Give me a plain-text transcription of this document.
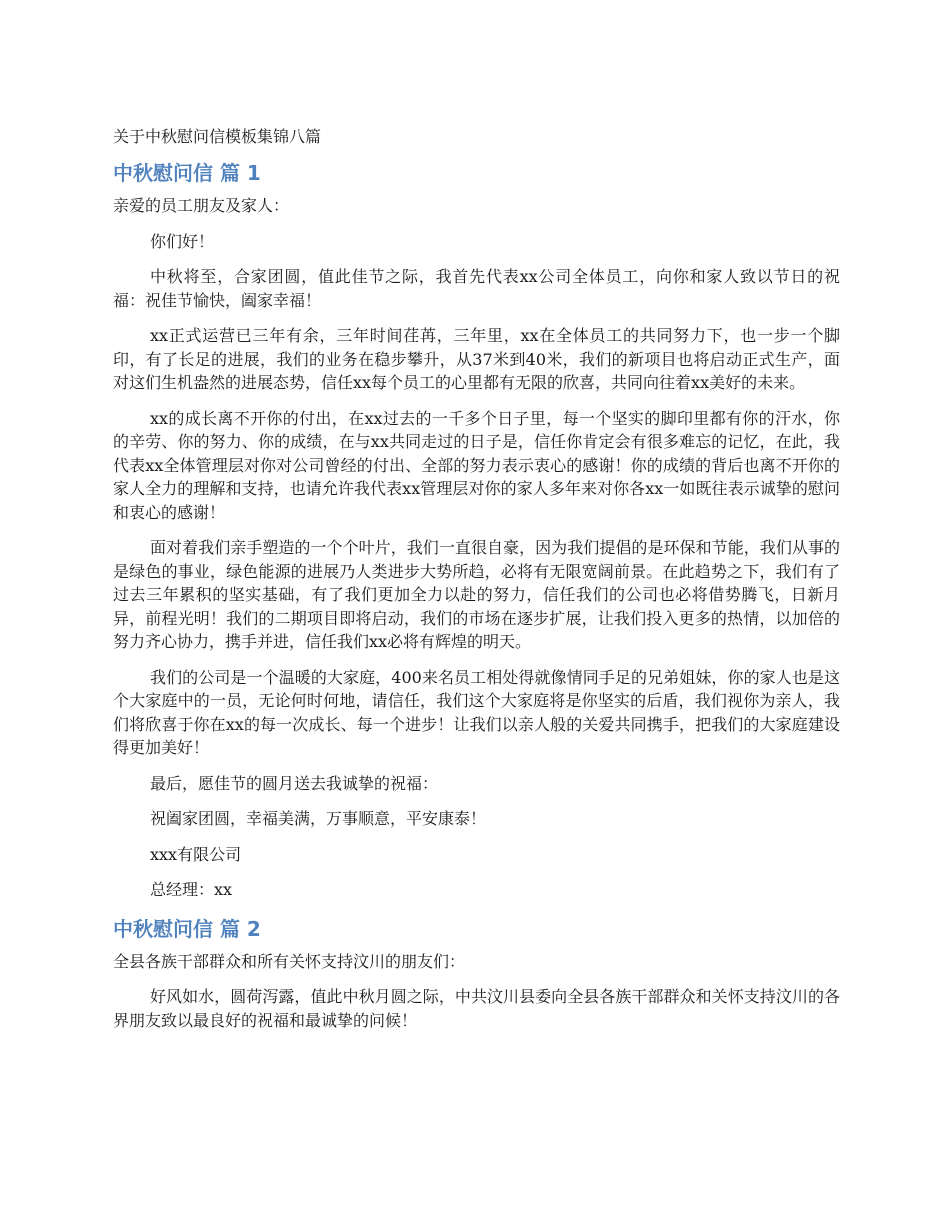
关于中秋慰问信模板集锦八篇

中秋慰问信 篇 1

亲爱的员工朋友及家人：

你们好！

中秋将至，合家团圆，值此佳节之际，我首先代表xx公司全体员工，向你和家人致以节日的祝福：祝佳节愉快，阖家幸福！

xx正式运营已三年有余，三年时间荏苒，三年里，xx在全体员工的共同努力下，也一步一个脚印，有了长足的进展，我们的业务在稳步攀升，从37米到40米，我们的新项目也将启动正式生产，面对这们生机盎然的进展态势，信任xx每个员工的心里都有无限的欣喜，共同向往着xx美好的未来。

xx的成长离不开你的付出，在xx过去的一千多个日子里，每一个坚实的脚印里都有你的汗水，你的辛劳、你的努力、你的成绩，在与xx共同走过的日子是，信任你肯定会有很多难忘的记忆，在此，我代表xx全体管理层对你对公司曾经的付出、全部的努力表示衷心的感谢！你的成绩的背后也离不开你的家人全力的理解和支持，也请允许我代表xx管理层对你的家人多年来对你各xx一如既往表示诚挚的慰问和衷心的感谢！

面对着我们亲手塑造的一个个叶片，我们一直很自豪，因为我们提倡的是环保和节能，我们从事的是绿色的事业，绿色能源的进展乃人类进步大势所趋，必将有无限宽阔前景。在此趋势之下，我们有了过去三年累积的坚实基础，有了我们更加全力以赴的努力，信任我们的公司也必将借势腾飞，日新月异，前程光明！我们的二期项目即将启动，我们的市场在逐步扩展，让我们投入更多的热情，以加倍的努力齐心协力，携手并进，信任我们xx必将有辉煌的明天。

我们的公司是一个温暖的大家庭，400来名员工相处得就像情同手足的兄弟姐妹，你的家人也是这个大家庭中的一员，无论何时何地，请信任，我们这个大家庭将是你坚实的后盾，我们视你为亲人，我们将欣喜于你在xx的每一次成长、每一个进步！让我们以亲人般的关爱共同携手，把我们的大家庭建设得更加美好！

最后，愿佳节的圆月送去我诚挚的祝福：

祝阖家团圆，幸福美满，万事顺意，平安康泰！

xxx有限公司

总经理：xx

中秋慰问信 篇 2

全县各族干部群众和所有关怀支持汶川的朋友们：

好风如水，圆荷泻露，值此中秋月圆之际，中共汶川县委向全县各族干部群众和关怀支持汶川的各界朋友致以最良好的祝福和最诚挚的问候！
